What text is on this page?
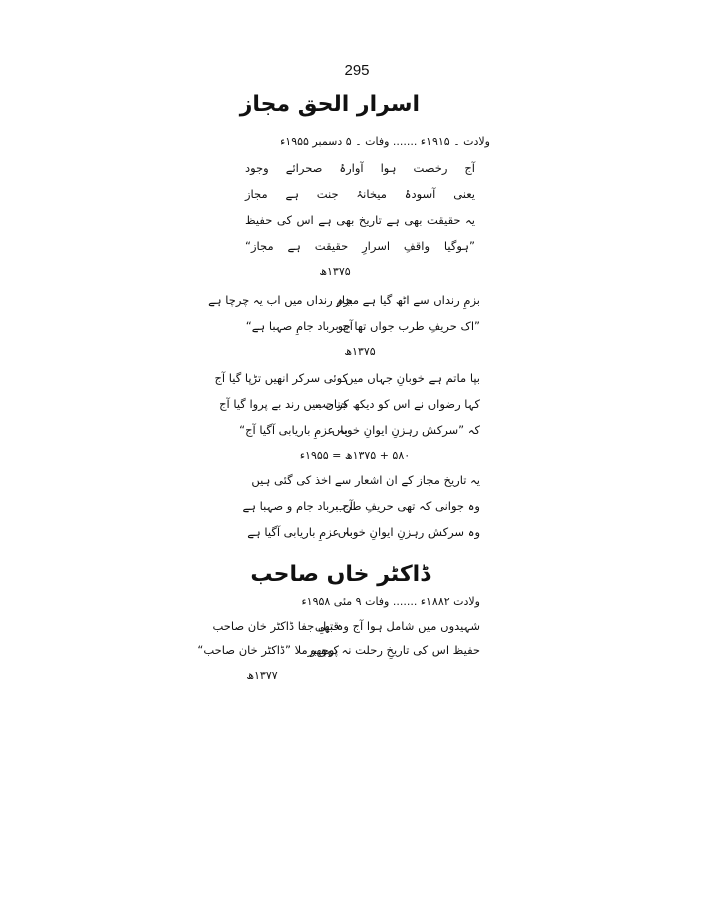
295
اسرار الحق مجاز
ولادت ۔ ۱۹۱۵ء ....... وفات ۔ ۵ دسمبر ۱۹۵۵ء
آج رخصت ہوا آوارۂ صحرائے وجود
یعنی آسودۂ میخانۂ جنت ہے مجاز
یہ حقیقت بھی ہے تاریخ بھی ہے اس کی حفیظ
”ہوگیا واقفِ اسرارِ حقیقت ہے مجاز“
۱۳۷۵ھ
بزمِ رنداں سے اٹھ گیا ہے مجاز
بزم رنداں میں اب یہ چرچا ہے
”اک حریفِ طرب جواں تھا جو
آج برباد جامِ صہبا ہے“
۱۳۷۵ھ
بپا ماتم ہے خوبانِ جہاں میں
کوئی سرکر انھیں تڑپا گیا آج
کہا رضواں نے اس کو دیکھ کر جب
جناں میں رند بے پروا گیا آج
کہ ”سرکش رہزنِ ایوانِ خوباں
بہ عزمِ باریابی آگیا آج“
۵۸۰ + ۱۳۷۵ھ = ۱۹۵۵ء
یہ تاریخ مجاز کے ان اشعار سے اخذ کی گئی ہیں
وہ جوانی کہ تھی حریفِ طرب
آج برباد جام و صہبا ہے
وہ سرکش رہزنِ ایوانِ خوباں
بہ عزمِ باریابی آگیا ہے
ڈاکٹر خاں صاحب
ولادت ۱۸۸۲ء ....... وفات ۹ مئی ۱۹۵۸ء
شہیدوں میں شامل ہوا آج وہ بھی
قتیلِ جفا ڈاکٹر خان صاحب
حفیظ اس کی تاریخِ رحلت نہ پوچھو
کہو برملا ”ڈاکٹر خان صاحب“
۱۳۷۷ھ
